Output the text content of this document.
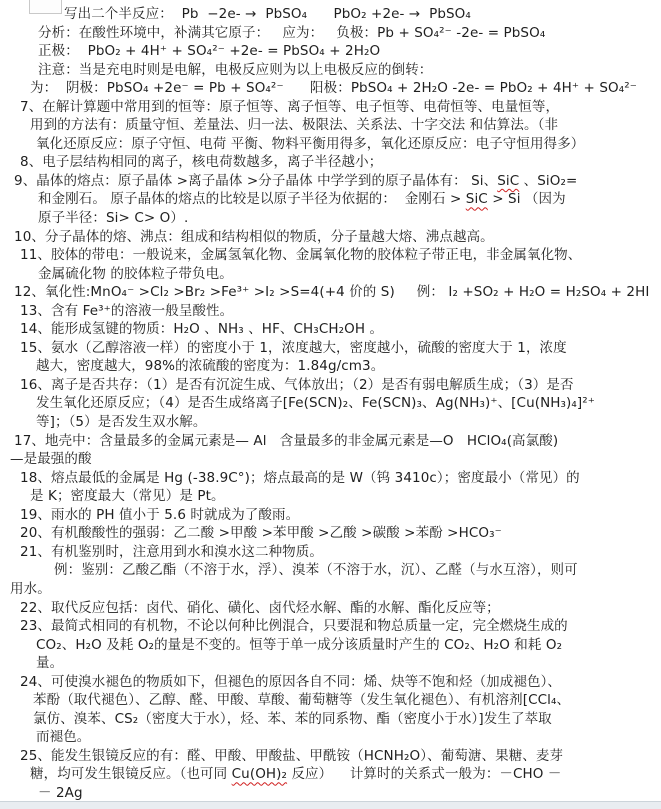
写出二个半反应：  Pb  −2e- →  PbSO₄      PbO₂ +2e- →  PbSO₄
分析：在酸性环境中，补满其它原子：   应为：   负极：Pb + SO₄²⁻ -2e- = PbSO₄
正极：  PbO₂ + 4H⁺ + SO₄²⁻ +2e- = PbSO₄ + 2H₂O
注意：当是充电时则是电解，电极反应则为以上电极反应的倒转：
为：  阴极：PbSO₄ +2e⁻ = Pb + SO₄²⁻      阳极：PbSO₄ + 2H₂O -2e- = PbO₂ + 4H⁺ + SO₄²⁻
7、在解计算题中常用到的恒等：原子恒等、离子恒等、电子恒等、电荷恒等、电量恒等，
用到的方法有：质量守恒、差量法、归一法、极限法、关系法、十字交法 和估算法。（非
氧化还原反应：原子守恒、电荷 平衡、物料平衡用得多，氧化还原反应：电子守恒用得多）
8、电子层结构相同的离子，核电荷数越多，离子半径越小；
9、晶体的熔点：原子晶体 >离子晶体 >分子晶体 中学学到的原子晶体有： Si、SiC 、SiO₂=
和金刚石。 原子晶体的熔点的比较是以原子半径为依据的：  金刚石 > SiC > Si （因为
原子半径：Si> C> O）.
10、分子晶体的熔、沸点：组成和结构相似的物质，分子量越大熔、沸点越高。
11、胶体的带电：一般说来，金属氢氧化物、金属氧化物的胶体粒子带正电，非金属氧化物、
金属硫化物 的胶体粒子带负电。
12、氧化性:MnO₄⁻ >Cl₂ >Br₂ >Fe³⁺ >I₂ >S=4(+4 价的 S)     例： I₂ +SO₂ + H₂O = H₂SO₄ + 2HI
13、含有 Fe³⁺的溶液一般呈酸性。
14、能形成氢键的物质：H₂O 、NH₃ 、HF、CH₃CH₂OH 。
15、氨水（乙醇溶液一样）的密度小于 1，浓度越大，密度越小，硫酸的密度大于 1，浓度
越大，密度越大，98%的浓硫酸的密度为：1.84g/cm3。
16、离子是否共存：（1）是否有沉淀生成、气体放出；（2）是否有弱电解质生成；（3）是否
发生氧化还原反应；（4）是否生成络离子[Fe(SCN)₂、Fe(SCN)₃、Ag(NH₃)⁺、[Cu(NH₃)₄]²⁺
等]；（5）是否发生双水解。
17、地壳中：含量最多的金属元素是— Al   含量最多的非金属元素是—O   HClO₄(高氯酸)
—是最强的酸
18、熔点最低的金属是 Hg (-38.9C°)；熔点最高的是 W（钨 3410c）；密度最小（常见）的
是 K；密度最大（常见）是 Pt。
19、雨水的 PH 值小于 5.6 时就成为了酸雨。
20、有机酸酸性的强弱：乙二酸 >甲酸 >苯甲酸 >乙酸 >碳酸 >苯酚 >HCO₃⁻
21、有机鉴别时，注意用到水和溴水这二种物质。
例：鉴别：乙酸乙酯（不溶于水，浮）、溴苯（不溶于水，沉）、乙醛（与水互溶），则可
用水。
22、取代反应包括：卤代、硝化、磺化、卤代烃水解、酯的水解、酯化反应等；
23、最简式相同的有机物，不论以何种比例混合，只要混和物总质量一定，完全燃烧生成的
CO₂、H₂O 及耗 O₂的量是不变的。恒等于单一成分该质量时产生的 CO₂、H₂O 和耗 O₂
量。
24、可使溴水褪色的物质如下，但褪色的原因各自不同：烯、炔等不饱和烃（加成褪色）、
苯酚（取代褪色）、乙醇、醛、甲酸、草酸、葡萄糖等（发生氧化褪色）、有机溶剂[CCl₄、
氯仿、溴苯、CS₂（密度大于水），烃、苯、苯的同系物、酯（密度小于水）]发生了萃取
而褪色。
25、能发生银镜反应的有：醛、甲酸、甲酸盐、甲酰铵（HCNH₂O）、葡萄溏、果糖、麦芽
糖，均可发生银镜反应。（也可同 Cu(OH)₂ 反应）    计算时的关系式一般为：－CHO －
－ 2Ag
